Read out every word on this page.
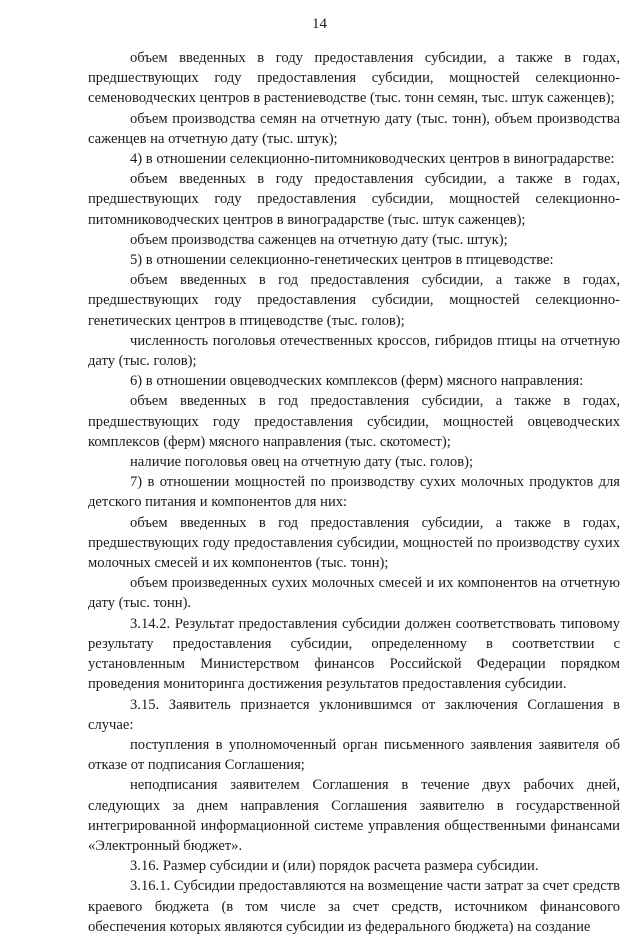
14

объем введенных в году предоставления субсидии, а также в годах, предшествующих году предоставления субсидии, мощностей селекционно-семеноводческих центров в растениеводстве (тыс. тонн семян, тыс. штук саженцев);

объем производства семян на отчетную дату (тыс. тонн), объем производства саженцев на отчетную дату (тыс. штук);

4) в отношении селекционно-питомниководческих центров в виноградарстве:

объем введенных в году предоставления субсидии, а также в годах, предшествующих году предоставления субсидии, мощностей селекционно-питомниководческих центров в виноградарстве (тыс. штук саженцев);

объем производства саженцев на отчетную дату (тыс. штук);

5) в отношении селекционно-генетических центров в птицеводстве:

объем введенных в год предоставления субсидии, а также в годах, предшествующих году предоставления субсидии, мощностей селекционно-генетических центров в птицеводстве (тыс. голов);

численность поголовья отечественных кроссов, гибридов птицы на отчетную дату (тыс. голов);

6) в отношении овцеводческих комплексов (ферм) мясного направления:

объем введенных в год предоставления субсидии, а также в годах, предшествующих году предоставления субсидии, мощностей овцеводческих комплексов (ферм) мясного направления (тыс. скотомест);

наличие поголовья овец на отчетную дату (тыс. голов);

7) в отношении мощностей по производству сухих молочных продуктов для детского питания и компонентов для них:

объем введенных в год предоставления субсидии, а также в годах, предшествующих году предоставления субсидии, мощностей по производству сухих молочных смесей и их компонентов (тыс. тонн);

объем произведенных сухих молочных смесей и их компонентов на отчетную дату (тыс. тонн).

3.14.2. Результат предоставления субсидии должен соответствовать типовому результату предоставления субсидии, определенному в соответствии с установленным Министерством финансов Российской Федерации порядком проведения мониторинга достижения результатов предоставления субсидии.

3.15. Заявитель признается уклонившимся от заключения Соглашения в случае:

поступления в уполномоченный орган письменного заявления заявителя об отказе от подписания Соглашения;

неподписания заявителем Соглашения в течение двух рабочих дней, следующих за днем направления Соглашения заявителю в государственной интегрированной информационной системе управления общественными финансами «Электронный бюджет».

3.16. Размер субсидии и (или) порядок расчета размера субсидии.

3.16.1. Субсидии предоставляются на возмещение части затрат за счет средств краевого бюджета (в том числе за счет средств, источником финансового обеспечения которых являются субсидии из федерального бюджета) на создание
